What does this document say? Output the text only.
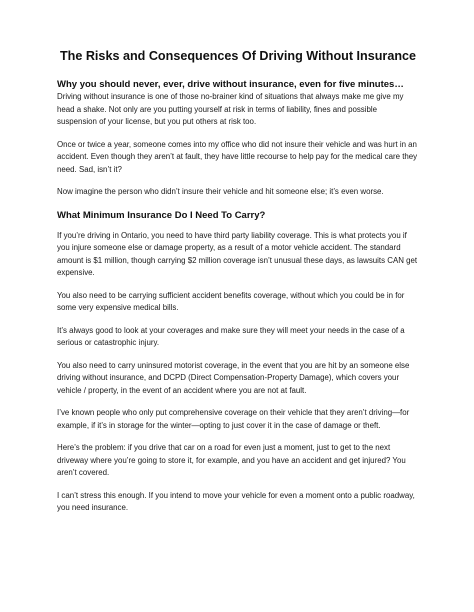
The Risks and Consequences Of Driving Without Insurance
Why you should never, ever, drive without insurance, even for five minutes…

Driving without insurance is one of those no-brainer kind of situations that always make me give my head a shake. Not only are you putting yourself at risk in terms of liability, fines and possible suspension of your license, but you put others at risk too.

Once or twice a year, someone comes into my office who did not insure their vehicle and was hurt in an accident. Even though they aren’t at fault, they have little recourse to help pay for the medical care they need. Sad, isn’t it?

Now imagine the person who didn’t insure their vehicle and hit someone else; it’s even worse.

What Minimum Insurance Do I Need To Carry?

If you’re driving in Ontario, you need to have third party liability coverage. This is what protects you if you injure someone else or damage property, as a result of a motor vehicle accident. The standard amount is $1 million, though carrying $2 million coverage isn’t unusual these days, as lawsuits CAN get expensive.

You also need to be carrying sufficient accident benefits coverage, without which you could be in for some very expensive medical bills.

It’s always good to look at your coverages and make sure they will meet your needs in the case of a serious or catastrophic injury.

You also need to carry uninsured motorist coverage, in the event that you are hit by an someone else driving without insurance, and DCPD (Direct Compensation-Property Damage), which covers your vehicle / property, in the event of an accident where you are not at fault.

I’ve known people who only put comprehensive coverage on their vehicle that they aren’t driving—for example, if it’s in storage for the winter—opting to just cover it in the case of damage or theft.

Here’s the problem: if you drive that car on a road for even just a moment, just to get to the next driveway where you’re going to store it, for example, and you have an accident and get injured? You aren’t covered.

I can’t stress this enough. If you intend to move your vehicle for even a moment onto a public roadway, you need insurance.
